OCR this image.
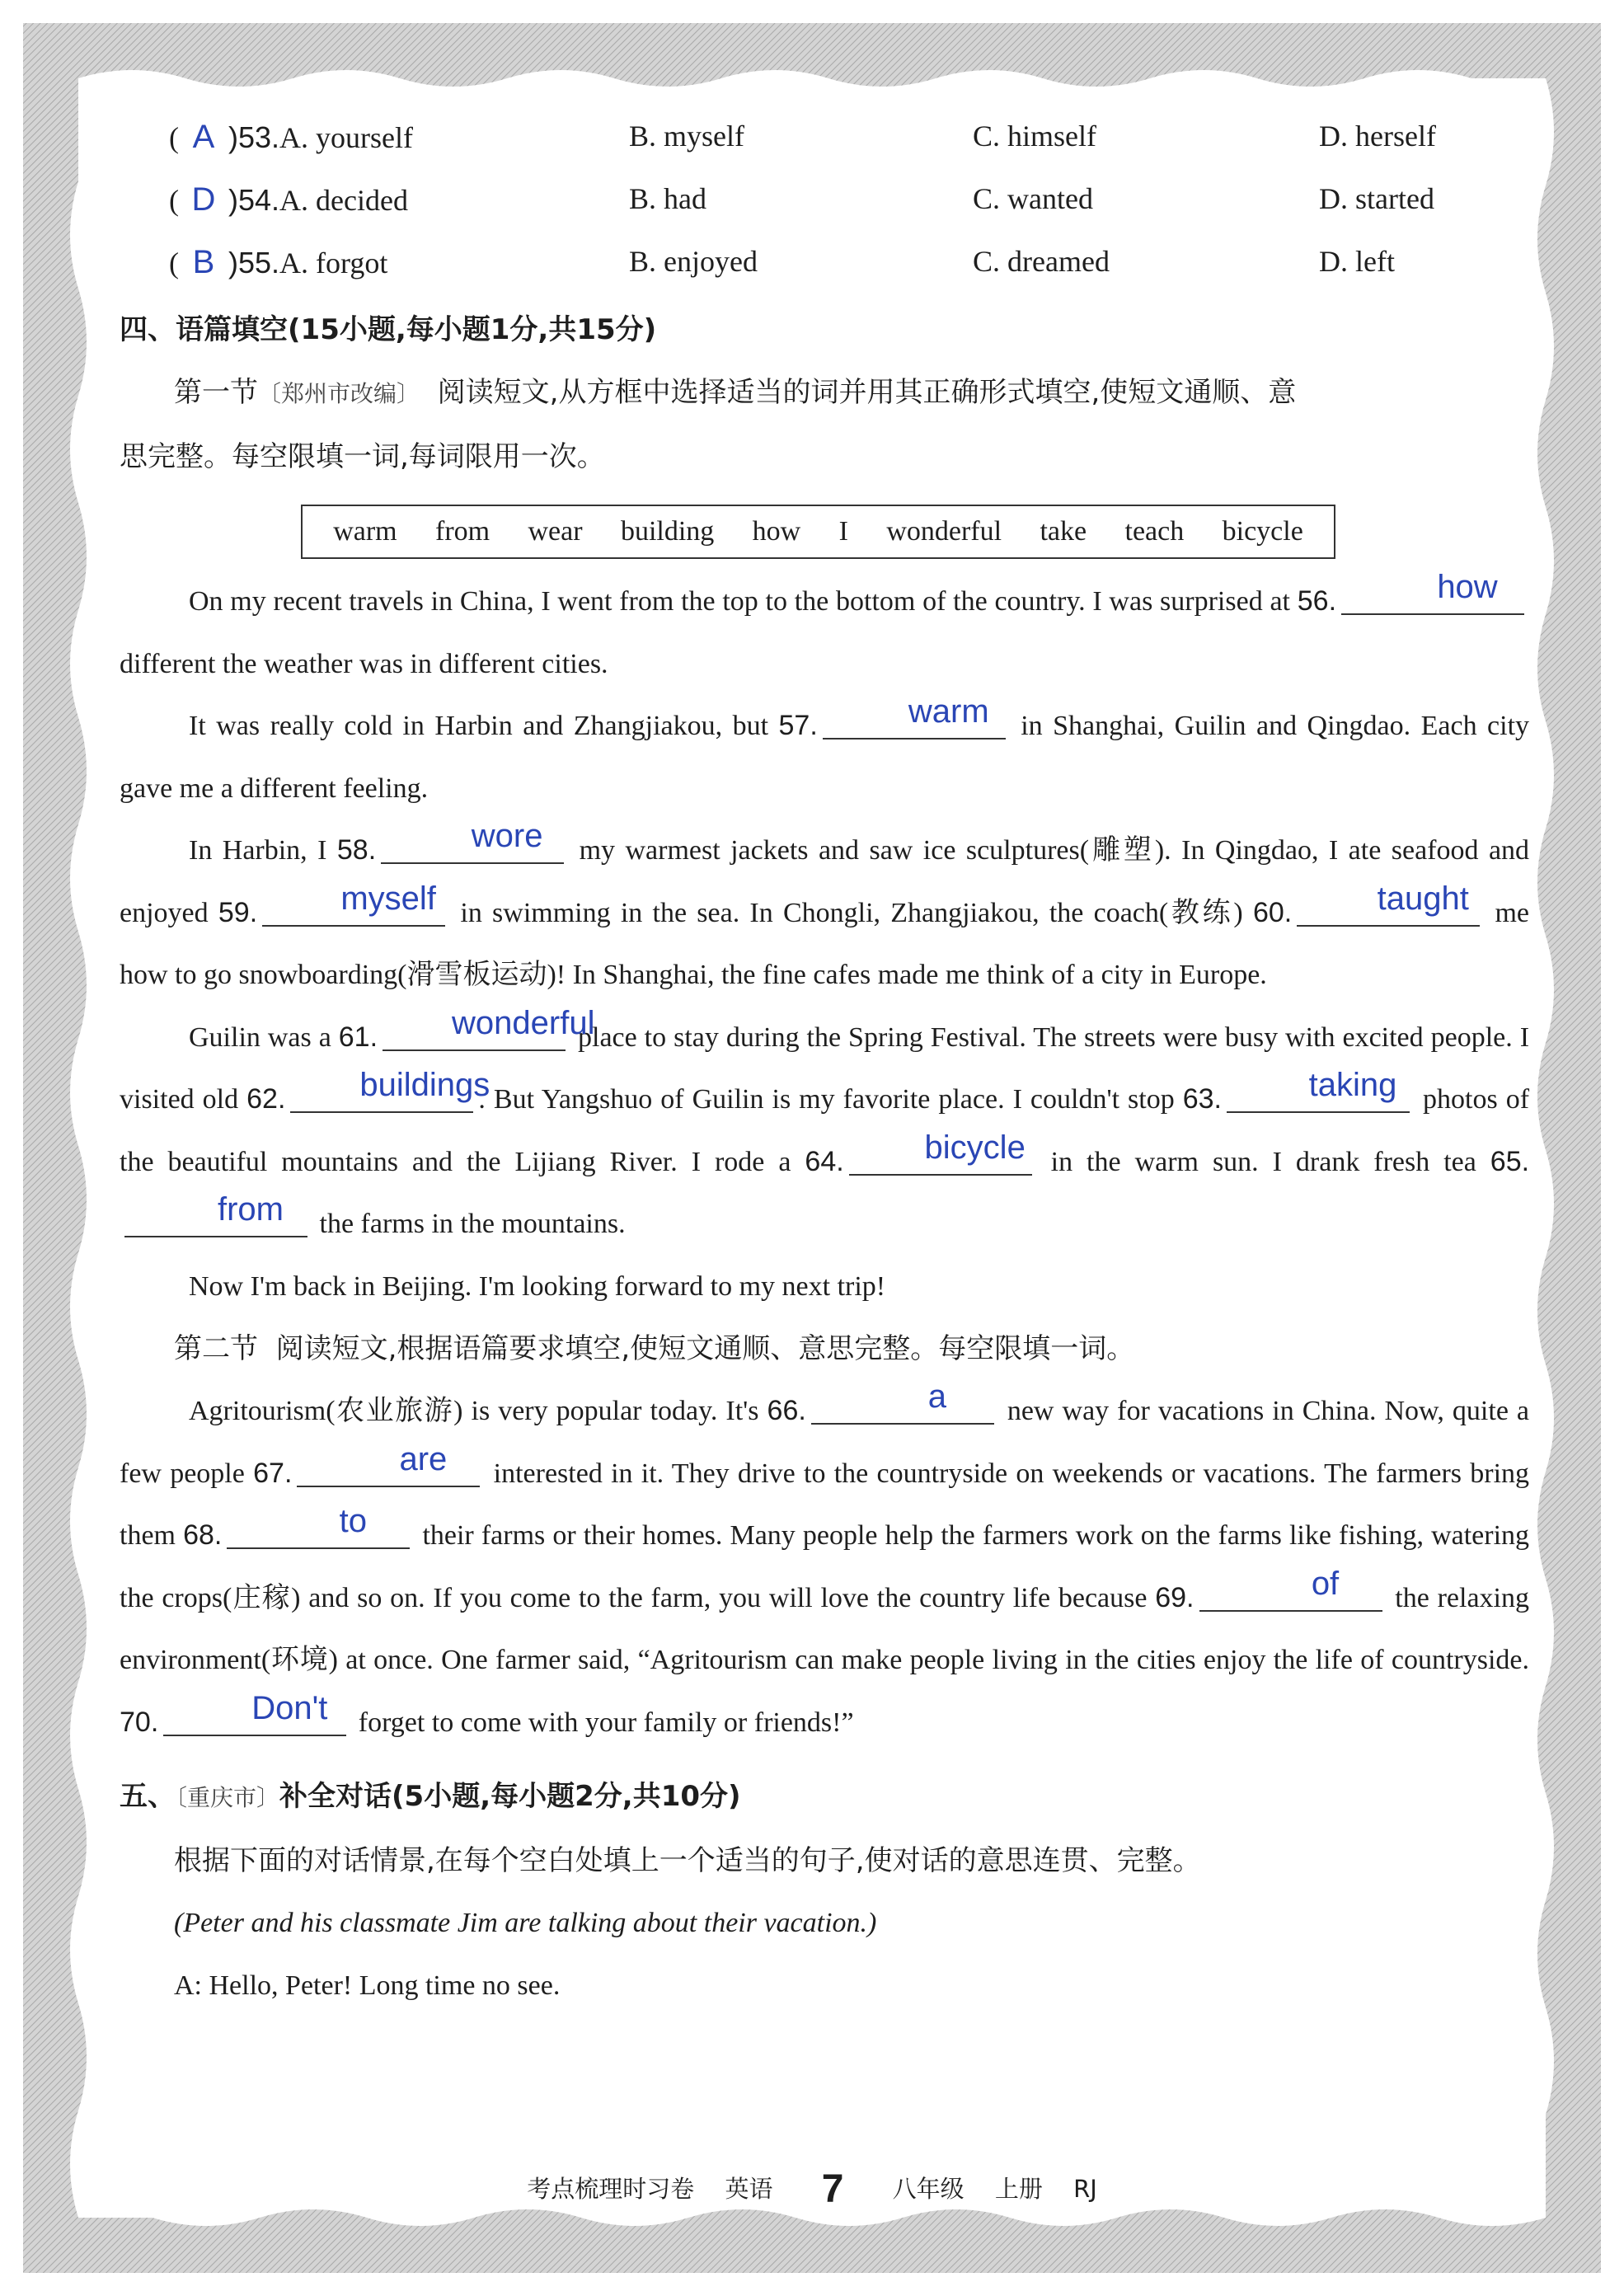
( A )53.A. yourself	B. myself	C. himself	D. herself
( D )54.A. decided	B. had	C. wanted	D. started
( B )55.A. forgot	B. enjoyed	C. dreamed	D. left
四、语篇填空(15小题,每小题1分,共15分)
第一节〔郑州市改编〕 阅读短文,从方框中选择适当的词并用其正确形式填空,使短文通顺、意
思完整。每空限填一词,每词限用一次。
warm from wear building how I wonderful take teach bicycle

On my recent travels in China, I went from the top to the bottom of the country. I was surprised at 56.	how
different the weather was in different cities.

It was really cold in Harbin and Zhangjiakou, but 57.	warm	in Shanghai, Guilin and Qingdao. Each city gave me a different feeling.

In Harbin, I 58.	wore	my warmest jackets and saw ice sculptures(雕塑). In Qingdao, I ate seafood and enjoyed 59.	myself in swimming in the sea. In Chongli, Zhangjiakou, the coach(教练) 60.	taught me how to go snowboarding(滑雪板运动)! In Shanghai, the fine cafes made me think of a city in Europe.

Guilin was a 61.	wonderful
place to stay during the Spring Festival. The streets were busy with excited people. I visited old 62.	buildings
. But Yangshuo of Guilin is my favorite place. I couldn't stop 63.	taking photos of the beautiful mountains and the Lijiang River. I rode a 64.	bicycle in the warm sun. I drank fresh tea 65.
from	the farms in the mountains.

Now I'm back in Beijing. I'm looking forward to my next trip!

第二节 阅读短文,根据语篇要求填空,使短文通顺、意思完整。每空限填一词。

Agritourism(农业旅游) is very popular today. It's 66.	a	new way for vacations in China. Now, quite a few people 67.	are	interested in it. They drive to the countryside on weekends or vacations. The farmers bring them 68.	to	their farms or their homes. Many people help the farmers work on the farms like fishing, watering the crops(庄稼) and so on. If you come to the farm, you will love the country life because 69.	of	the relaxing environment(环境) at once. One farmer said, “Agritourism can make people living in the cities enjoy the life of countryside. 70.	Don't	forget to come with your family or friends!”

五、〔重庆市〕补全对话(5小题,每小题2分,共10分)
根据下面的对话情景,在每个空白处填上一个适当的句子,使对话的意思连贯、完整。

(Peter and his classmate Jim are talking about their vacation.)

A: Hello, Peter! Long time no see.

考点梳理时习卷 英语 7 八年级 上册 RJ
